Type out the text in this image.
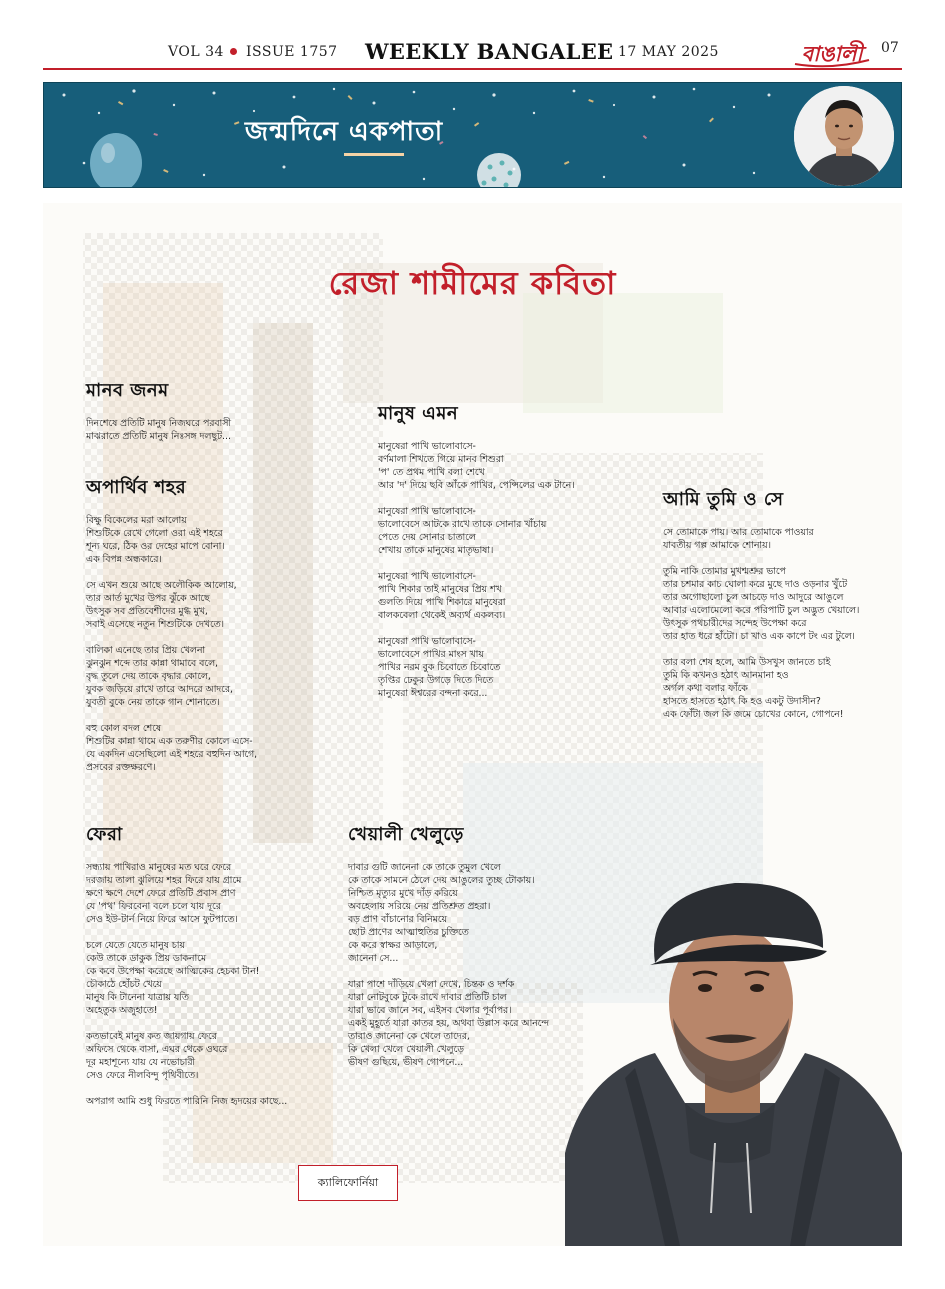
VOL 34 ISSUE 1757 WEEKLY BANGALEE 17 MAY 2025	বাঙালী	07
জন্মদিনে একপাতা
রেজা শামীমের কবিতা
মানব জনম
দিনশেষে প্রতিটি মানুষ নিজঘরে পরবাসী
মাঝরাতে প্রতিটি মানুষ নিঃসঙ্গ দলছুট...
অপার্থিব শহর
বিক্ষু বিকেলের মরা আলোয়
শিশুটিকে রেখে গেলো ওরা এই শহরে
শূন্য ঘরে, ঠিক ওর দেহের মাপে বোনা।
এক বিপন্ন অন্ধকারে।
সে এখন শুয়ে আছে অলৌকিক আলোয়,
তার আর্ত মুখের উপর ঝুঁকে আছে
উৎসুক সব প্রতিবেশীদের মুগ্ধ মুখ,
সবাই এসেছে নতুন শিশুটিকে দেখতে।
বালিকা এনেছে তার প্রিয় খেলনা
ঝুনঝুন শব্দে তার কান্না থামাবে বলে,
বৃদ্ধ তুলে দেয় তাকে বৃদ্ধার কোলে,
যুবক জড়িয়ে রাখে তারে আদরে আদরে,
যুবতী বুকে নেয় তাকে গান শোনাতে।
বহু কোল বদল শেষে
শিশুটির কান্না থামে এক তরুণীর কোলে এসে-
যে একদিন এসেছিলো এই শহরে বহুদিন আগে,
প্রসবের রক্তক্ষরণে।
মানুষ এমন
মানুষেরা পাখি ভালোবাসে-
বর্ণমালা শিখতে গিয়ে মানব শিশুরা
'প' তে প্রথম পাখি বলা শেখে
আর 'দ' দিয়ে ছবি আঁকে পাখির, পেন্সিলের এক টানে।
মানুষেরা পাখি ভালোবাসে-
ভালোবেসে আটকে রাখে তাকে সোনার খাঁচায়
পেতে দেয় সোনার চাতালে
শেখায় তাকে মানুষের মাতৃভাষা।
মানুষেরা পাখি ভালোবাসে-
পাখি শিকার তাই মানুষের প্রিয় শখ
গুলতি দিয়ে পাখি শিকারে মানুষেরা
বালকবেলা থেকেই অব্যর্থ একলব্য।
মানুষেরা পাখি ভালোবাসে-
ভালোবেসে পাখির মাংস খায়
পাখির নরম বুক চিবোতে চিবোতে
তৃপ্তির ঢেকুর উগড়ে দিতে দিতে
মানুষেরা ঈশ্বরের বন্দনা করে...
আমি তুমি ও সে
সে তোমাকে পায়। আর তোমাকে পাওয়ার
যাবতীয় গল্প আমাকে শোনায়।
তুমি নাকি তোমার মুখশ্মশ্রুর ভাপে
তার চশমার কাচ ঘোলা করে মুছে দাও ওড়নার খুঁটে
তার অগোছালো চুল আচড়ে দাও আদুরে আঙুলে
আবার এলোমেলো করে পরিপাটি চুল অদ্ভুত খেয়ালে।
উৎসুক পথচারীদের সন্দেহ উপেক্ষা করে
তার হাত ধরে হাঁটো। চা খাও এক কাপে টং এর টুলে।
তার বলা শেষ হলে, আমি উসখুস জানতে চাই
তুমি কি কখনও হঠাৎ আনমানা হও
অর্গল কথা বলার ফাঁকে
হাসতে হাসতে হঠাৎ কি হও একটু উদাসীন?
এক ফোঁটা জল কি জমে চোখের কোনে, গোপনে!
ফেরা
সন্ধ্যায় পাখিরাও মানুষের মত ঘরে ফেরে
দরজায় তালা ঝুলিয়ে শহর ফিরে যায় গ্রামে
ক্ষণে ক্ষণে দেশে ফেরে প্রতিটি প্রবাস প্রাণ
যে 'পথ' ফিরবেনা বলে চলে যায় দূরে
সেও ইউ-টার্ন নিয়ে ফিরে আসে ফুটপাতে।
চলে যেতে যেতে মানুষ চায়
কেউ তাকে ডাকুক প্রিয় ডাকনামে
কে কবে উপেক্ষা করেছে আত্মিকের হেচকা টান!
চৌকাঠে হোঁচট খেয়ে
মানুষ কি টানেনা যাত্রায় যতি
অহেতুক অজুহাতে!
কতভাবেই মানুষ কত জায়গায় ফেরে
অফিসে থেকে বাসা, এঘর থেকে ওঘরে
দূর মহাশূন্যে যায় যে নভোচারী
সেও ফেরে নীলবিন্দু পৃথিবীতে।
অপরাগ আমি শুধু ফিরতে পারিনি নিজ হৃদয়ের কাছে...
খেয়ালী খেলুড়ে
দাবার গুটি জানেনা কে তাকে তুমুল খেলে
কে তাকে সামনে ঠেলে দেয় আঙুলের তুচ্ছ টোকায়।
নিশ্চিত মৃত্যুর মুখে দাঁড় করিয়ে
অবহেলায় সরিয়ে নেয় প্রতিশ্রুত প্রহরা।
বড় প্রাণ বাঁচানোর বিনিময়ে
ছোট প্রাণের আত্মাহুতির চুক্তিতে
কে করে স্বাক্ষর আড়ালে,
জানেনা সে...
যারা পাশে দাঁড়িয়ে খেলা দেখে, চিন্তক ও দর্শক
যারা নোটবুকে টুকে রাখে দাবার প্রতিটি চাল
যারা ভাবে জানে সব, এইসব খেলার পূর্বাপর।
একই মুহূর্তে যারা কাতর হয়, অথবা উল্লাস করে আনন্দে
তারাও জানেনা কে খেলে তাদের,
কি খেলা খেলে খেয়ালী খেলুড়ে
ভীষণ গুছিয়ে, ভীষণ গোপনে...
ক্যালিফোর্নিয়া
